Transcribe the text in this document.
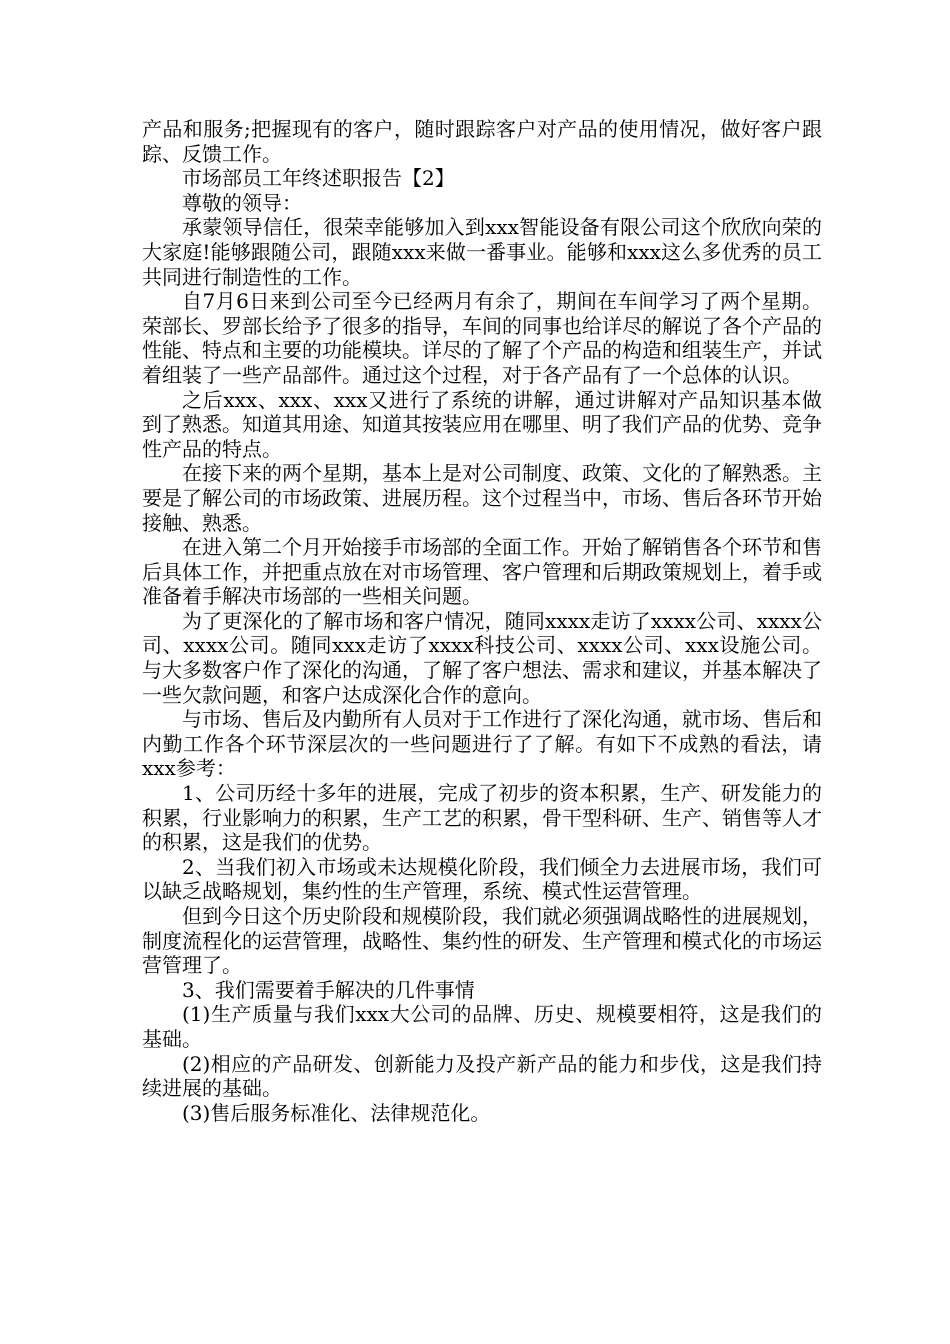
产品和服务;把握现有的客户，随时跟踪客户对产品的使用情况，做好客户跟踪、反馈工作。

市场部员工年终述职报告【2】

尊敬的领导：

承蒙领导信任，很荣幸能够加入到xxx智能设备有限公司这个欣欣向荣的大家庭!能够跟随公司，跟随xxx来做一番事业。能够和xxx这么多优秀的员工共同进行制造性的工作。

自7月6日来到公司至今已经两月有余了，期间在车间学习了两个星期。荣部长、罗部长给予了很多的指导，车间的同事也给详尽的解说了各个产品的性能、特点和主要的功能模块。详尽的了解了个产品的构造和组装生产，并试着组装了一些产品部件。通过这个过程，对于各产品有了一个总体的认识。

之后xxx、xxx、xxx又进行了系统的讲解，通过讲解对产品知识基本做到了熟悉。知道其用途、知道其按装应用在哪里、明了我们产品的优势、竞争性产品的特点。

在接下来的两个星期，基本上是对公司制度、政策、文化的了解熟悉。主要是了解公司的市场政策、进展历程。这个过程当中，市场、售后各环节开始接触、熟悉。

在进入第二个月开始接手市场部的全面工作。开始了解销售各个环节和售后具体工作，并把重点放在对市场管理、客户管理和后期政策规划上，着手或准备着手解决市场部的一些相关问题。

为了更深化的了解市场和客户情况，随同xxxx走访了xxxx公司、xxxx公司、xxxx公司。随同xxx走访了xxxx科技公司、xxxx公司、xxx设施公司。与大多数客户作了深化的沟通，了解了客户想法、需求和建议，并基本解决了一些欠款问题，和客户达成深化合作的意向。

与市场、售后及内勤所有人员对于工作进行了深化沟通，就市场、售后和内勤工作各个环节深层次的一些问题进行了了解。有如下不成熟的看法，请xxx参考：

1、公司历经十多年的进展，完成了初步的资本积累，生产、研发能力的积累，行业影响力的积累，生产工艺的积累，骨干型科研、生产、销售等人才的积累，这是我们的优势。

2、当我们初入市场或未达规模化阶段，我们倾全力去进展市场，我们可以缺乏战略规划，集约性的生产管理，系统、模式性运营管理。

但到今日这个历史阶段和规模阶段，我们就必须强调战略性的进展规划，制度流程化的运营管理，战略性、集约性的研发、生产管理和模式化的市场运营管理了。

3、我们需要着手解决的几件事情

(1)生产质量与我们xxx大公司的品牌、历史、规模要相符，这是我们的基础。

(2)相应的产品研发、创新能力及投产新产品的能力和步伐，这是我们持续进展的基础。

(3)售后服务标准化、法律规范化。
